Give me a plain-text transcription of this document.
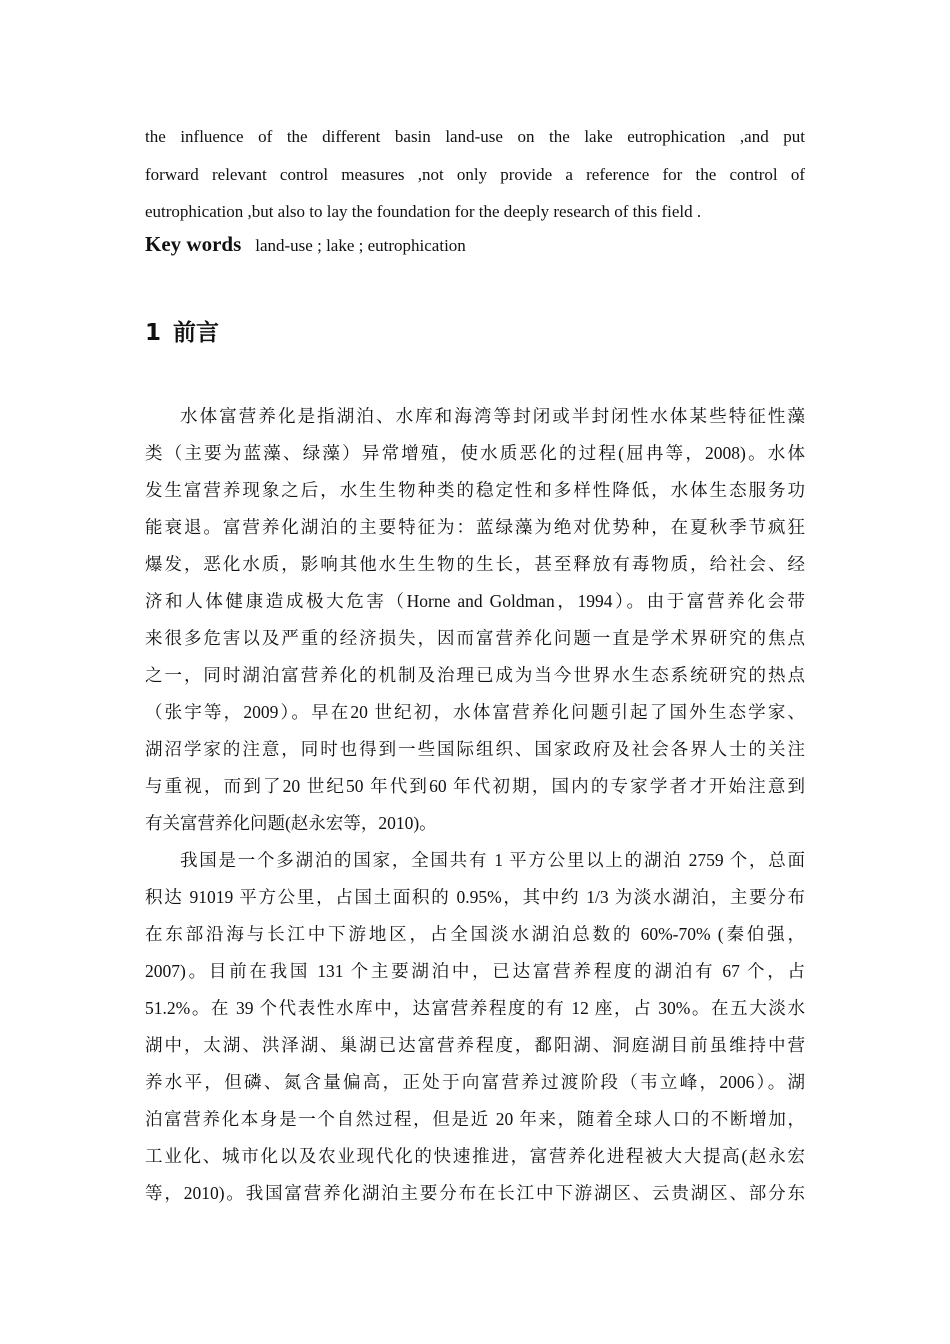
the influence of the different basin land-use on the lake eutrophication ,and put
forward relevant control measures ,not only provide a reference for the control of
eutrophication ,but also to lay the foundation for the deeply research of this field .
Key words land-use ; lake ; eutrophication
1 前言
水体富营养化是指湖泊、水库和海湾等封闭或半封闭性水体某些特征性藻
类（主要为蓝藻、绿藻）异常增殖，使水质恶化的过程(屈冉等，2008)。水体
发生富营养现象之后，水生生物种类的稳定性和多样性降低，水体生态服务功
能衰退。富营养化湖泊的主要特征为：蓝绿藻为绝对优势种，在夏秋季节疯狂
爆发，恶化水质，影响其他水生生物的生长，甚至释放有毒物质，给社会、经
济和人体健康造成极大危害（Horne and Goldman，1994）。由于富营养化会带
来很多危害以及严重的经济损失，因而富营养化问题一直是学术界研究的焦点
之一，同时湖泊富营养化的机制及治理已成为当今世界水生态系统研究的热点
（张宇等，2009）。早在20 世纪初，水体富营养化问题引起了国外生态学家、
湖沼学家的注意，同时也得到一些国际组织、国家政府及社会各界人士的关注
与重视，而到了20 世纪50 年代到60 年代初期，国内的专家学者才开始注意到
有关富营养化问题(赵永宏等，2010)。
我国是一个多湖泊的国家，全国共有 1 平方公里以上的湖泊 2759 个，总面
积达 91019 平方公里，占国土面积的 0.95%，其中约 1/3 为淡水湖泊，主要分布
在东部沿海与长江中下游地区，占全国淡水湖泊总数的 60%-70% (秦伯强，
2007)。目前在我国 131 个主要湖泊中，已达富营养程度的湖泊有 67 个，占
51.2%。在 39 个代表性水库中，达富营养程度的有 12 座，占 30%。在五大淡水
湖中，太湖、洪泽湖、巢湖已达富营养程度，鄱阳湖、洞庭湖目前虽维持中营
养水平，但磷、氮含量偏高，正处于向富营养过渡阶段（韦立峰，2006）。湖
泊富营养化本身是一个自然过程，但是近 20 年来，随着全球人口的不断增加，
工业化、城市化以及农业现代化的快速推进，富营养化进程被大大提高(赵永宏
等，2010)。我国富营养化湖泊主要分布在长江中下游湖区、云贵湖区、部分东
